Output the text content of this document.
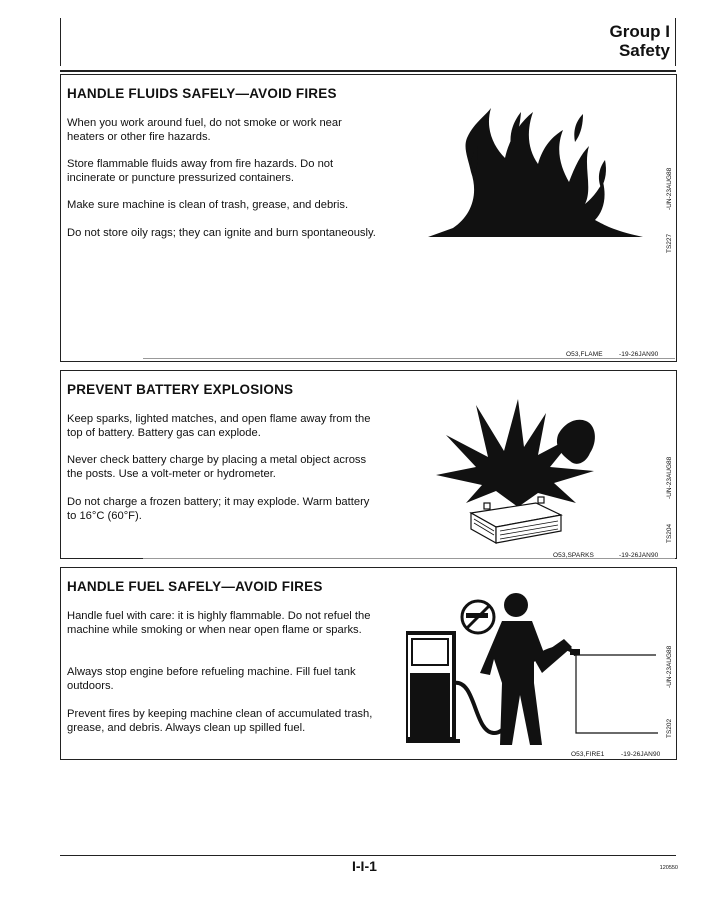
Group I
Safety
HANDLE FLUIDS SAFELY—AVOID FIRES
When you work around fuel, do not smoke or work near heaters or other fire hazards.
Store flammable fluids away from fire hazards. Do not incinerate or puncture pressurized containers.
Make sure machine is clean of trash, grease, and debris.
Do not store oily rags; they can ignite and burn spontaneously.
-UN-23AUG88
TS227
O53,FLAME	-19-26JAN90
PREVENT BATTERY EXPLOSIONS
Keep sparks, lighted matches, and open flame away from the top of battery. Battery gas can explode.
Never check battery charge by placing a metal object across the posts. Use a volt-meter or hydrometer.
Do not charge a frozen battery; it may explode. Warm battery to 16°C (60°F).
-UN-23AUG88
TS204
O53,SPARKS	-19-26JAN90
HANDLE FUEL SAFELY—AVOID FIRES
Handle fuel with care: it is highly flammable. Do not refuel the machine while smoking or when near open flame or sparks.
Always stop engine before refueling machine. Fill fuel tank outdoors.
Prevent fires by keeping machine clean of accumulated trash, grease, and debris. Always clean up spilled fuel.
-UN-23AUG88
TS202
O53,FIRE1	-19-26JAN90
I-I-1	120550
